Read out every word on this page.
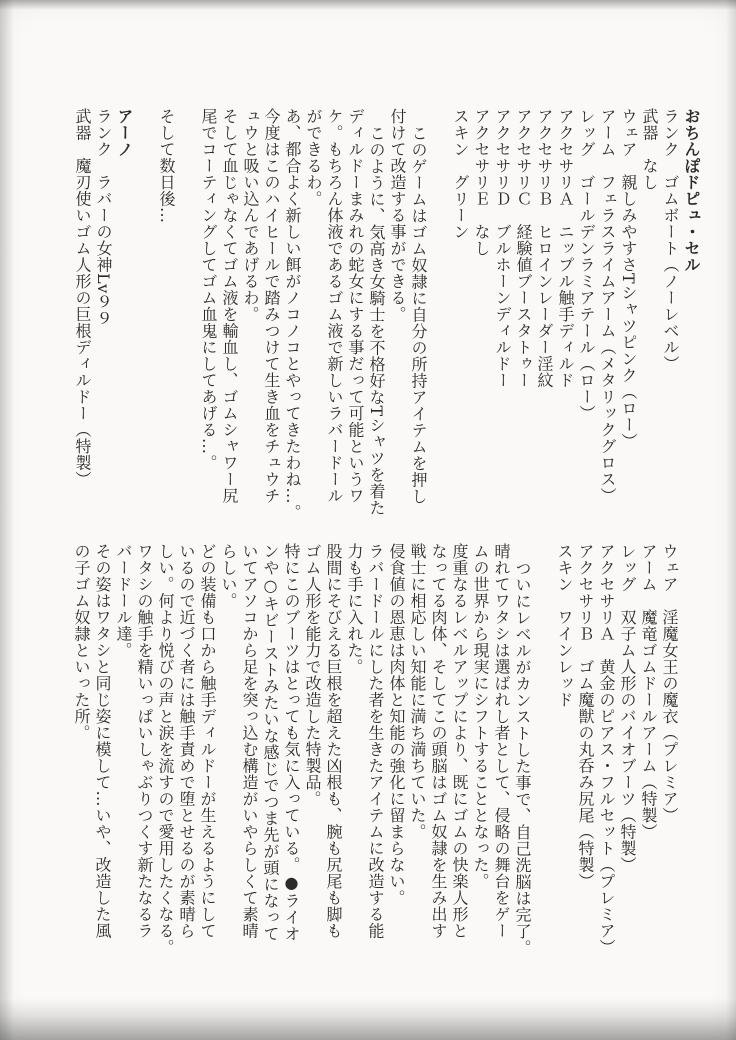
おちんぽドピュ・セル
ランク　ゴムボート（ノーレベル）
武器　なし
ウェア　親しみやすさTシャツピンク（ロー）
アーム　フェラスライムアーム（メタリックグロス）
レッグ　ゴールデンラミアテール（ロー）
アクセサリＡ　ニップル触手ディルド
アクセサリＢ　ヒロインレーダー淫紋
アクセサリＣ　経験値ブースタトゥー
アクセサリＤ　ブルホーンディルドー
アクセサリＥ　なし
スキン　グリーン
このゲームはゴム奴隷に自分の所持アイテムを押し
付けて改造する事ができる。
このように、気高き女騎士を不格好なTシャツを着た
ディルドーまみれの蛇女にする事だって可能というワ
ケ。もちろん体液であるゴム液で新しいラバードール
ができるわ。
あ、都合よく新しい餌がノコノコとやってきたわね…。
今度はこのハイヒールで踏みつけて生き血をチュウチ
ュウと吸い込んであげるわ。
そして血じゃなくてゴム液を輸血し、ゴムシャワー尻
尾でコーティングしてゴム血鬼にしてあげる…。
そして数日後…
アーノ
ランク　ラバーの女神Lv９９
武器　魔刃使いゴム人形の巨根ディルドー（特製）
ウェア　淫魔女王の魔衣（プレミア）
アーム　魔竜ゴムドールアーム（特製）
レッグ　双子ム人形のバイオブーツ（特製）
アクセサリＡ　黄金のピアス・フルセット（プレミア）
アクセサリＢ　ゴム魔獣の丸呑み尻尾（特製）
スキン　ワインレッド
ついにレベルがカンストした事で、自己洗脳は完了。
晴れてワタシは選ばれし者として、侵略の舞台をゲー
ムの世界から現実にシフトすることとなった。
度重なるレベルアップにより、既にゴムの快楽人形と
なってる肉体、そしてこの頭脳はゴム奴隷を生み出す
戦士に相応しい知能に満ち満ちていた。
侵食値の恩恵は肉体と知能の強化に留まらない。
ラバードールにした者を生きたアイテムに改造する能
力も手に入れた。
股間にそびえる巨根を超えた凶根も、腕も尻尾も脚も
ゴム人形を能力で改造した特製品。
特にこのブーツはとっても気に入っている。●ライオ
ンや○キビーストみたいな感じでつま先が頭になって
いてアソコから足を突っ込む構造がいやらしくて素晴
らしい。
どの装備も口から触手ディルドーが生えるようにして
いるので近づく者には触手責めで堕とせるのが素晴ら
しい。何より悦びの声と涙を流すので愛用したくなる。
ワタシの触手を精いっぱいしゃぶりつくす新たなるラ
バードール達。
その姿はワタシと同じ姿に模して…いや、改造した風
の子ゴム奴隷といった所。
